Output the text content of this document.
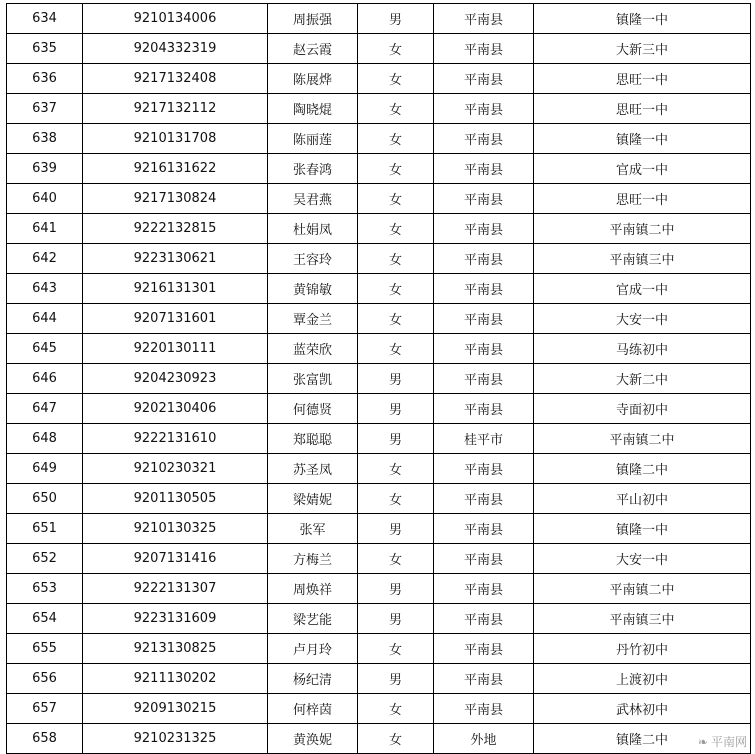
634	9210134006	周振强	男	平南县	镇隆一中
635	9204332319	赵云霞	女	平南县	大新三中
636	9217132408	陈展烨	女	平南县	思旺一中
637	9217132112	陶晓焜	女	平南县	思旺一中
638	9210131708	陈丽莲	女	平南县	镇隆一中
639	9216131622	张春鸿	女	平南县	官成一中
640	9217130824	吴君燕	女	平南县	思旺一中
641	9222132815	杜娟凤	女	平南县	平南镇二中
642	9223130621	王容玲	女	平南县	平南镇三中
643	9216131301	黄锦敏	女	平南县	官成一中
644	9207131601	覃金兰	女	平南县	大安一中
645	9220130111	蓝荣欣	女	平南县	马练初中
646	9204230923	张富凯	男	平南县	大新二中
647	9202130406	何德贤	男	平南县	寺面初中
648	9222131610	郑聪聪	男	桂平市	平南镇二中
649	9210230321	苏圣凤	女	平南县	镇隆二中
650	9201130505	梁婧妮	女	平南县	平山初中
651	9210130325	张军	男	平南县	镇隆一中
652	9207131416	方梅兰	女	平南县	大安一中
653	9222131307	周焕祥	男	平南县	平南镇二中
654	9223131609	梁艺能	男	平南县	平南镇三中
655	9213130825	卢月玲	女	平南县	丹竹初中
656	9211130202	杨纪清	男	平南县	上渡初中
657	9209130215	何梓茵	女	平南县	武林初中
658	9210231325	黄涣妮	女	外地	镇隆二中 ❧ 平南网
